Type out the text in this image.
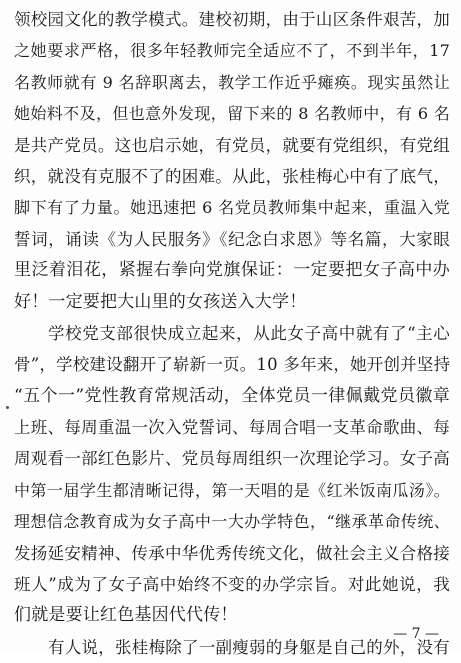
领校园文化的教学模式。建校初期，由于山区条件艰苦，加
之她要求严格，很多年轻教师完全适应不了，不到半年，17
名教师就有 9 名辞职离去，教学工作近乎瘫痪。现实虽然让
她始料不及，但也意外发现，留下来的 8 名教师中，有 6 名
是共产党员。这也启示她，有党员，就要有党组织，有党组
织，就没有克服不了的困难。从此，张桂梅心中有了底气，
脚下有了力量。她迅速把 6 名党员教师集中起来，重温入党
誓词，诵读《为人民服务》《纪念白求恩》等名篇，大家眼
里泛着泪花，紧握右拳向党旗保证：一定要把女子高中办
好！一定要把大山里的女孩送入大学！
学校党支部很快成立起来，从此女子高中就有了“主心
骨”，学校建设翻开了崭新一页。10 多年来，她开创并坚持
“五个一”党性教育常规活动，全体党员一律佩戴党员徽章
上班、每周重温一次入党誓词、每周合唱一支革命歌曲、每
周观看一部红色影片、党员每周组织一次理论学习。女子高
中第一届学生都清晰记得，第一天唱的是《红米饭南瓜汤》。
理想信念教育成为女子高中一大办学特色，“继承革命传统、
发扬延安精神、传承中华优秀传统文化，做社会主义合格接
班人”成为了女子高中始终不变的办学宗旨。对此她说，我
们就是要让红色基因代代传！
有人说，张桂梅除了一副瘦弱的身躯是自己的外，没有
— 7 —
